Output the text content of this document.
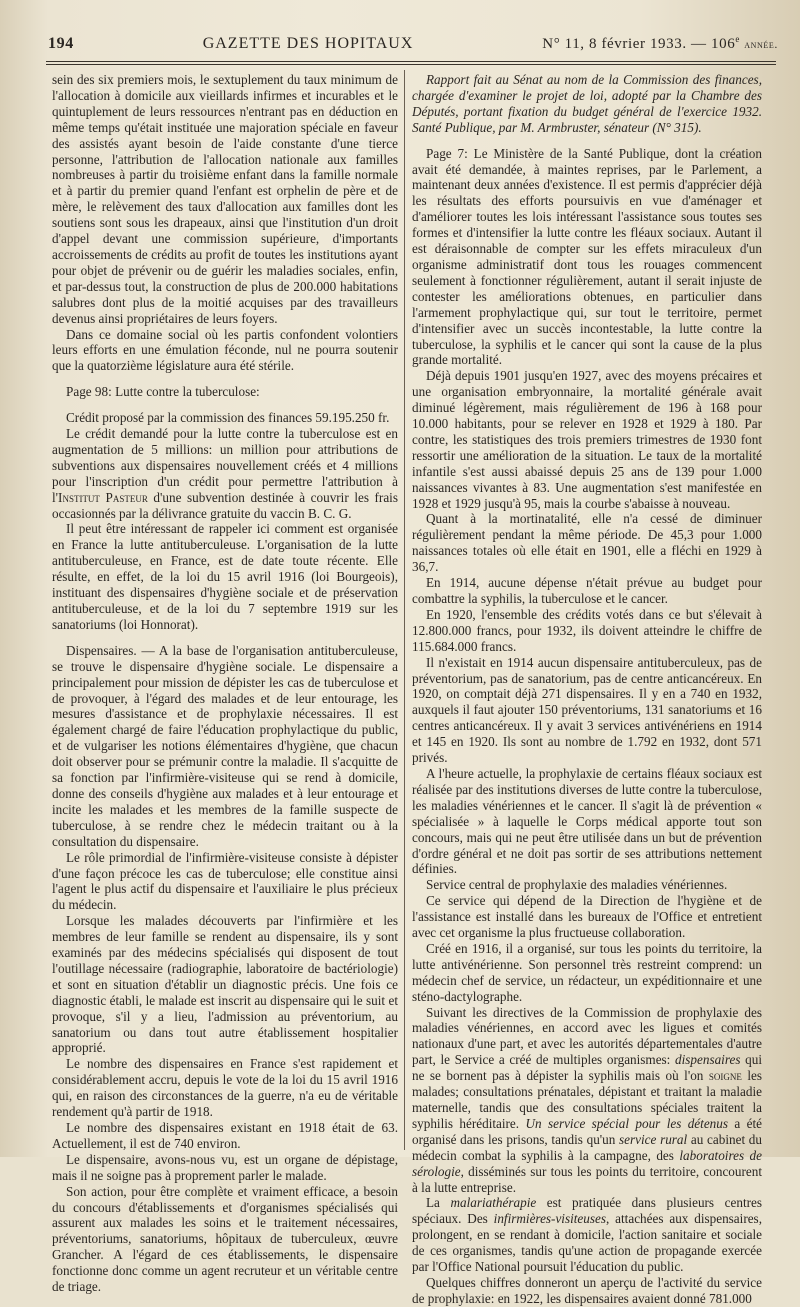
194	GAZETTE DES HOPITAUX	N° 11, 8 février 1933. — 106e année.

sein des six premiers mois, le sextuplement du taux minimum de l'allocation à domicile aux vieillards infirmes et incurables et le quintuplement de leurs ressources n'entrant pas en déduction en même temps qu'était instituée une majoration spéciale en faveur des assistés ayant besoin de l'aide constante d'une tierce personne, l'attribution de l'allocation nationale aux familles nombreuses à partir du troisième enfant dans la famille normale et à partir du premier quand l'enfant est orphelin de père et de mère, le relèvement des taux d'allocation aux familles dont les soutiens sont sous les drapeaux, ainsi que l'institution d'un droit d'appel devant une commission supérieure, d'importants accroissements de crédits au profit de toutes les institutions ayant pour objet de prévenir ou de guérir les maladies sociales, enfin, et par-dessus tout, la construction de plus de 200.000 habitations salubres dont plus de la moitié acquises par des travailleurs devenus ainsi propriétaires de leurs foyers.

Dans ce domaine social où les partis confondent volontiers leurs efforts en une émulation féconde, nul ne pourra soutenir que la quatorzième législature aura été stérile.

Page 98: Lutte contre la tuberculose:

Crédit proposé par la commission des finances 59.195.250 fr.

Le crédit demandé pour la lutte contre la tuberculose est en augmentation de 5 millions: un million pour attributions de subventions aux dispensaires nouvellement créés et 4 millions pour l'inscription d'un crédit pour permettre l'attribution à l'Institut Pasteur d'une subvention destinée à couvrir les frais occasionnés par la délivrance gratuite du vaccin B. C. G.

Il peut être intéressant de rappeler ici comment est organisée en France la lutte antituberculeuse. L'organisation de la lutte antituberculeuse, en France, est de date toute récente. Elle résulte, en effet, de la loi du 15 avril 1916 (loi Bourgeois), instituant des dispensaires d'hygiène sociale et de préservation antituberculeuse, et de la loi du 7 septembre 1919 sur les sanatoriums (loi Honnorat).

Dispensaires. — A la base de l'organisation antituberculeuse, se trouve le dispensaire d'hygiène sociale. Le dispensaire a principalement pour mission de dépister les cas de tuberculose et de provoquer, à l'égard des malades et de leur entourage, les mesures d'assistance et de prophylaxie nécessaires. Il est également chargé de faire l'éducation prophylactique du public, et de vulgariser les notions élémentaires d'hygiène, que chacun doit observer pour se prémunir contre la maladie. Il s'acquitte de sa fonction par l'infirmière-visiteuse qui se rend à domicile, donne des conseils d'hygiène aux malades et à leur entourage et incite les malades et les membres de la famille suspecte de tuberculose, à se rendre chez le médecin traitant ou à la consultation du dispensaire.

Le rôle primordial de l'infirmière-visiteuse consiste à dépister d'une façon précoce les cas de tuberculose; elle constitue ainsi l'agent le plus actif du dispensaire et l'auxiliaire le plus précieux du médecin.

Lorsque les malades découverts par l'infirmière et les membres de leur famille se rendent au dispensaire, ils y sont examinés par des médecins spécialisés qui disposent de tout l'outillage nécessaire (radiographie, laboratoire de bactériologie) et sont en situation d'établir un diagnostic précis. Une fois ce diagnostic établi, le malade est inscrit au dispensaire qui le suit et provoque, s'il y a lieu, l'admission au préventorium, au sanatorium ou dans tout autre établissement hospitalier approprié.

Le nombre des dispensaires en France s'est rapidement et considérablement accru, depuis le vote de la loi du 15 avril 1916 qui, en raison des circonstances de la guerre, n'a eu de véritable rendement qu'à partir de 1918.

Le nombre des dispensaires existant en 1918 était de 63. Actuellement, il est de 740 environ.

Le dispensaire, avons-nous vu, est un organe de dépistage, mais il ne soigne pas à proprement parler le malade.

Son action, pour être complète et vraiment efficace, a besoin du concours d'établissements et d'organismes spécialisés qui assurent aux malades les soins et le traitement nécessaires, préventoriums, sanatoriums, hôpitaux de tuberculeux, œuvre Grancher. A l'égard de ces établissements, le dispensaire fonctionne donc comme un agent recruteur et un véritable centre de triage.

Rapport fait au Sénat au nom de la Commission des finances, chargée d'examiner le projet de loi, adopté par la Chambre des Députés, portant fixation du budget général de l'exercice 1932. Santé Publique, par M. Armbruster, sénateur (N° 315).

Page 7: Le Ministère de la Santé Publique, dont la création avait été demandée, à maintes reprises, par le Parlement, a maintenant deux années d'existence. Il est permis d'apprécier déjà les résultats des efforts poursuivis en vue d'aménager et d'améliorer toutes les lois intéressant l'assistance sous toutes ses formes et d'intensifier la lutte contre les fléaux sociaux. Autant il est déraisonnable de compter sur les effets miraculeux d'un organisme administratif dont tous les rouages commencent seulement à fonctionner régulièrement, autant il serait injuste de contester les améliorations obtenues, en particulier dans l'armement prophylactique qui, sur tout le territoire, permet d'intensifier avec un succès incontestable, la lutte contre la tuberculose, la syphilis et le cancer qui sont la cause de la plus grande mortalité.

Déjà depuis 1901 jusqu'en 1927, avec des moyens précaires et une organisation embryonnaire, la mortalité générale avait diminué légèrement, mais régulièrement de 196 à 168 pour 10.000 habitants, pour se relever en 1928 et 1929 à 180. Par contre, les statistiques des trois premiers trimestres de 1930 font ressortir une amélioration de la situation. Le taux de la mortalité infantile s'est aussi abaissé depuis 25 ans de 139 pour 1.000 naissances vivantes à 83. Une augmentation s'est manifestée en 1928 et 1929 jusqu'à 95, mais la courbe s'abaisse à nouveau.

Quant à la mortinatalité, elle n'a cessé de diminuer régulièrement pendant la même période. De 45,3 pour 1.000 naissances totales où elle était en 1901, elle a fléchi en 1929 à 36,7.

En 1914, aucune dépense n'était prévue au budget pour combattre la syphilis, la tuberculose et le cancer.

En 1920, l'ensemble des crédits votés dans ce but s'élevait à 12.800.000 francs, pour 1932, ils doivent atteindre le chiffre de 115.684.000 francs.

Il n'existait en 1914 aucun dispensaire antituberculeux, pas de préventorium, pas de sanatorium, pas de centre anticancéreux. En 1920, on comptait déjà 271 dispensaires. Il y en a 740 en 1932, auxquels il faut ajouter 150 préventoriums, 131 sanatoriums et 16 centres anticancéreux. Il y avait 3 services antivénériens en 1914 et 145 en 1920. Ils sont au nombre de 1.792 en 1932, dont 571 privés.

A l'heure actuelle, la prophylaxie de certains fléaux sociaux est réalisée par des institutions diverses de lutte contre la tuberculose, les maladies vénériennes et le cancer. Il s'agit là de prévention « spécialisée » à laquelle le Corps médical apporte tout son concours, mais qui ne peut être utilisée dans un but de prévention d'ordre général et ne doit pas sortir de ses attributions nettement définies.

Service central de prophylaxie des maladies vénériennes.

Ce service qui dépend de la Direction de l'hygiène et de l'assistance est installé dans les bureaux de l'Office et entretient avec cet organisme la plus fructueuse collaboration.

Créé en 1916, il a organisé, sur tous les points du territoire, la lutte antivénérienne. Son personnel très restreint comprend: un médecin chef de service, un rédacteur, un expéditionnaire et une sténo-dactylographe.

Suivant les directives de la Commission de prophylaxie des maladies vénériennes, en accord avec les ligues et comités nationaux d'une part, et avec les autorités départementales d'autre part, le Service a créé de multiples organismes: dispensaires qui ne se bornent pas à dépister la syphilis mais où l'on soigne les malades; consultations prénatales, dépistant et traitant la maladie maternelle, tandis que des consultations spéciales traitent la syphilis héréditaire. Un service spécial pour les détenus a été organisé dans les prisons, tandis qu'un service rural au cabinet du médecin combat la syphilis à la campagne, des laboratoires de sérologie, disséminés sur tous les points du territoire, concourent à la lutte entreprise.

La malariathérapie est pratiquée dans plusieurs centres spéciaux. Des infirmières-visiteuses, attachées aux dispensaires, prolongent, en se rendant à domicile, l'action sanitaire et sociale de ces organismes, tandis qu'une action de propagande exercée par l'Office National poursuit l'éducation du public.

Quelques chiffres donneront un aperçu de l'activité du service de prophylaxie: en 1922, les dispensaires avaient donné 781.000
